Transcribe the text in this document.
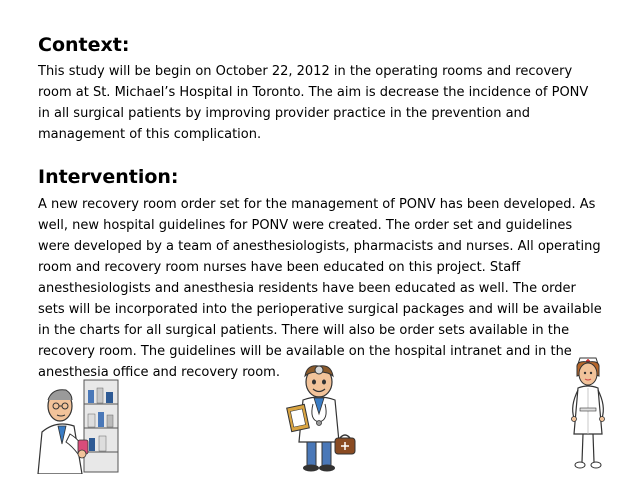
Context:

This study will be begin on October 22, 2012 in the operating rooms and recovery
room at St. Michael’s Hospital in Toronto. The aim is decrease the incidence of PONV
in all surgical patients by improving provider practice in the prevention and
management of this complication.

Intervention:

A new recovery room order set for the management of PONV has been developed. As
well, new hospital guidelines for PONV were created. The order set and guidelines
were developed by a team of anesthesiologists, pharmacists and nurses. All operating
room and recovery room nurses have been educated on this project. Staff
anesthesiologists and anesthesia residents have been educated as well. The order
sets will be incorporated into the perioperative surgical packages and will be available
in the charts for all surgical patients. There will also be order sets available in the
recovery room. The guidelines will be available on the hospital intranet and in the
anesthesia office and recovery room.
